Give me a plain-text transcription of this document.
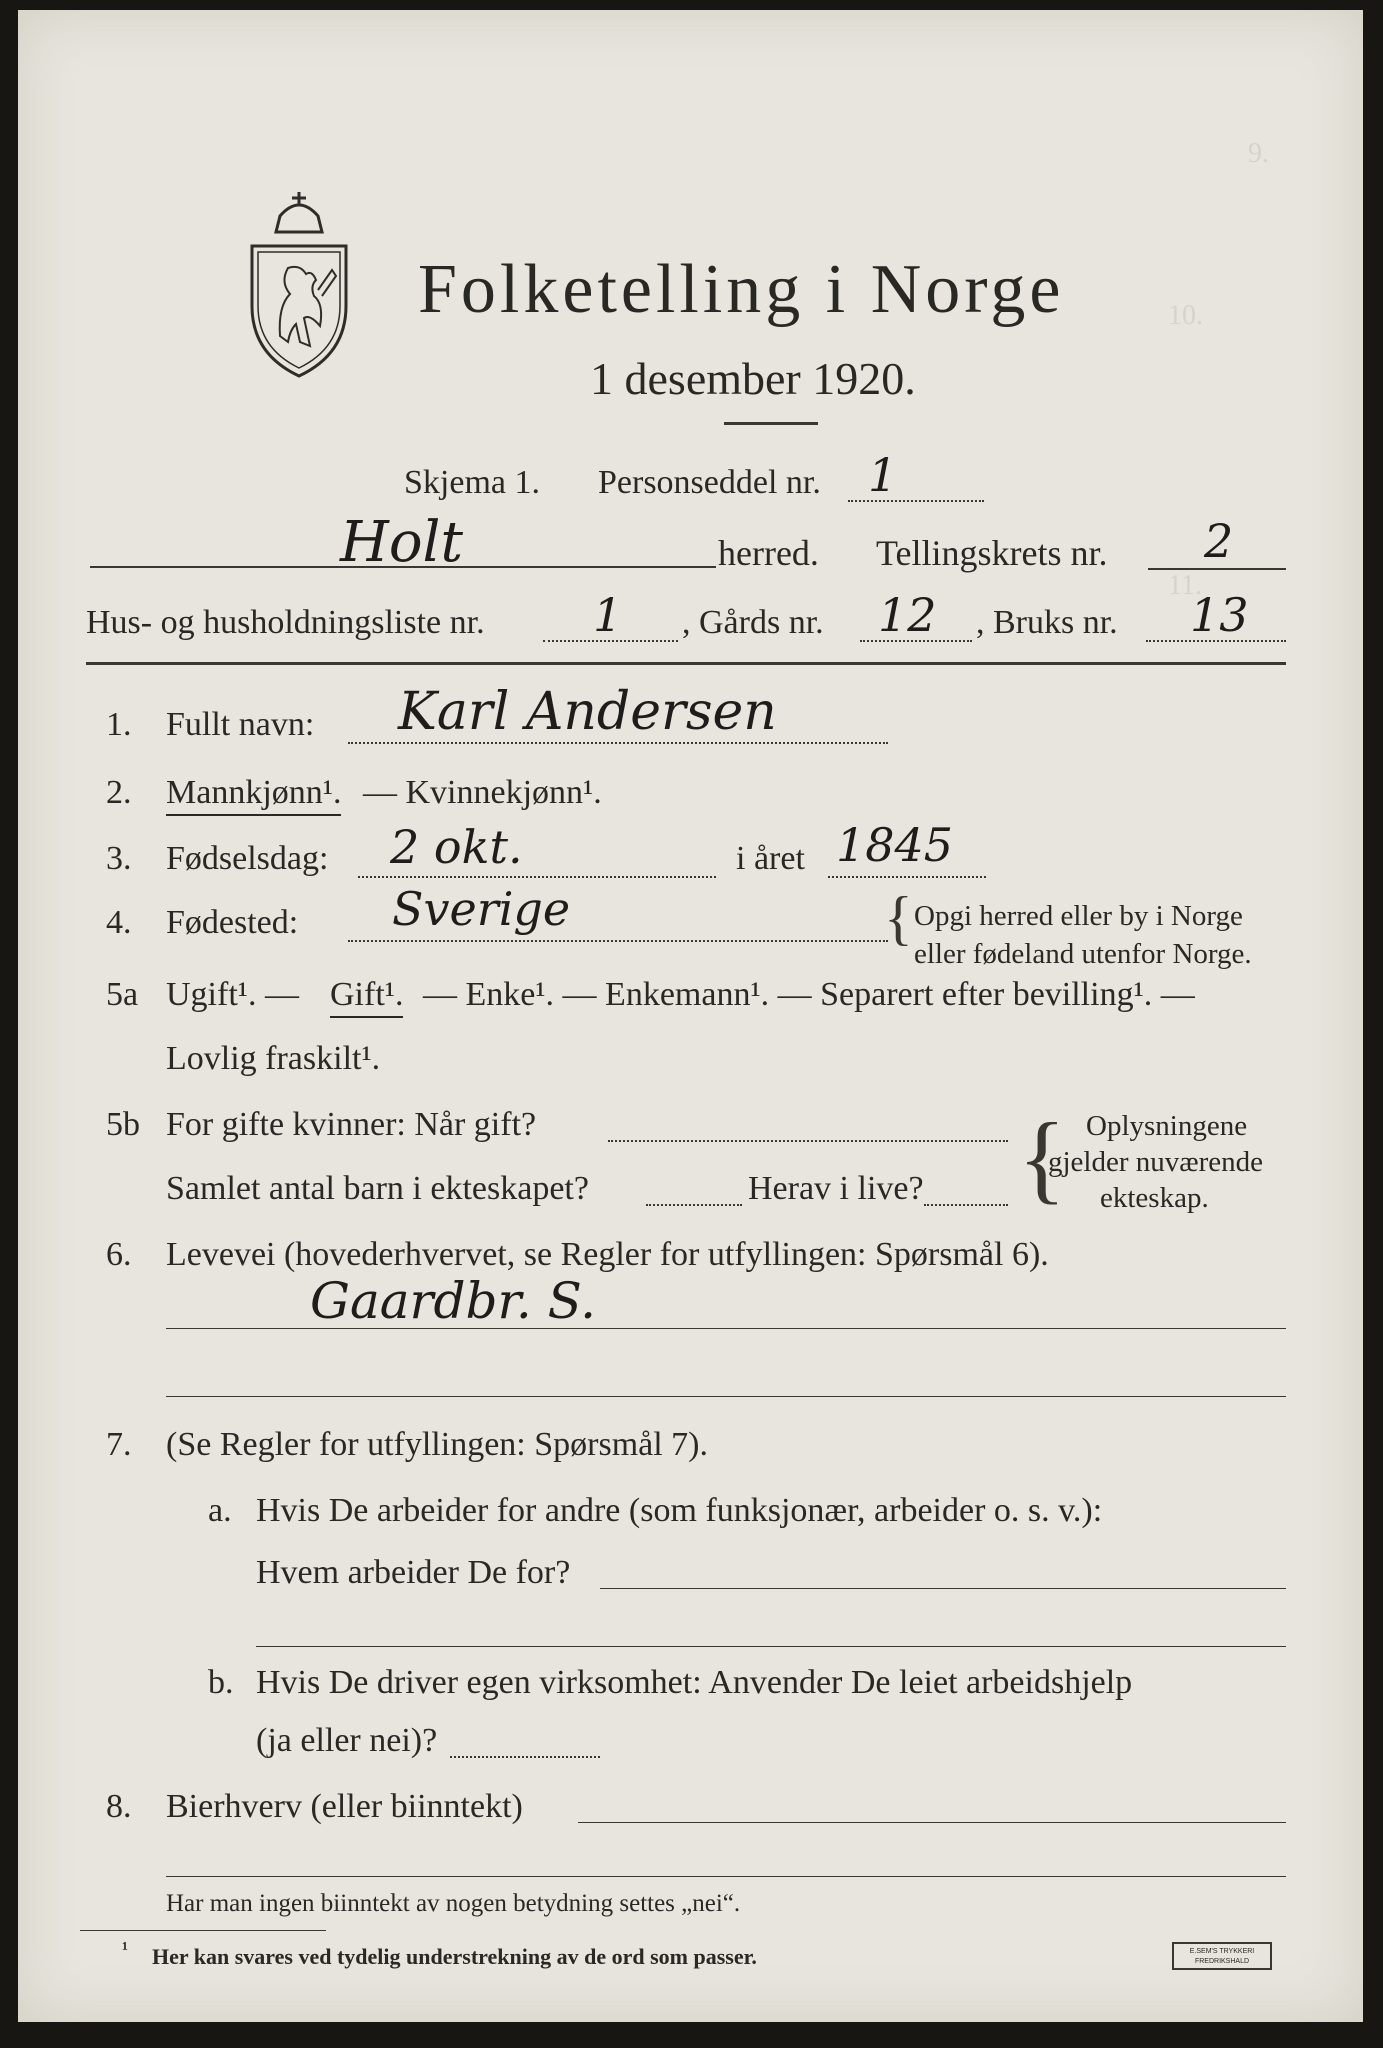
9.
10.
11.
Folketelling i Norge
1 desember 1920.
Skjema 1. Personseddel nr. 1
Holt	herred. Tellingskrets nr. 2
Hus- og husholdningsliste nr. 1 , Gårds nr. 12 , Bruks nr. 13
1. Fullt navn: Karl Andersen
2. Mannkjønn¹. — Kvinnekjønn¹.
3. Fødselsdag: 2 okt.	i året 1845
4. Fødested: Sverige	{ Opgi herred eller by i Norge
eller fødeland utenfor Norge.
5a Ugift¹. — Gift¹. — Enke¹. — Enkemann¹. — Separert efter bevilling¹. —
Lovlig fraskilt¹.
5b For gifte kvinner: Når gift?
Samlet antal barn i ekteskapet?	Herav i live? { Oplysningene
gjelder nuværende
ekteskap.
6. Levevei (hovederhvervet, se Regler for utfyllingen: Spørsmål 6).
Gaardbr. S.
7. (Se Regler for utfyllingen: Spørsmål 7).
a. Hvis De arbeider for andre (som funksjonær, arbeider o. s. v.):
Hvem arbeider De for?
b. Hvis De driver egen virksomhet: Anvender De leiet arbeidshjelp
(ja eller nei)?
8. Bierhverv (eller biinntekt)
Har man ingen biinntekt av nogen betydning settes „nei“.
¹ Her kan svares ved tydelig understrekning av de ord som passer.	E.SEM'S TRYKKERI
FREDRIKSHALD
